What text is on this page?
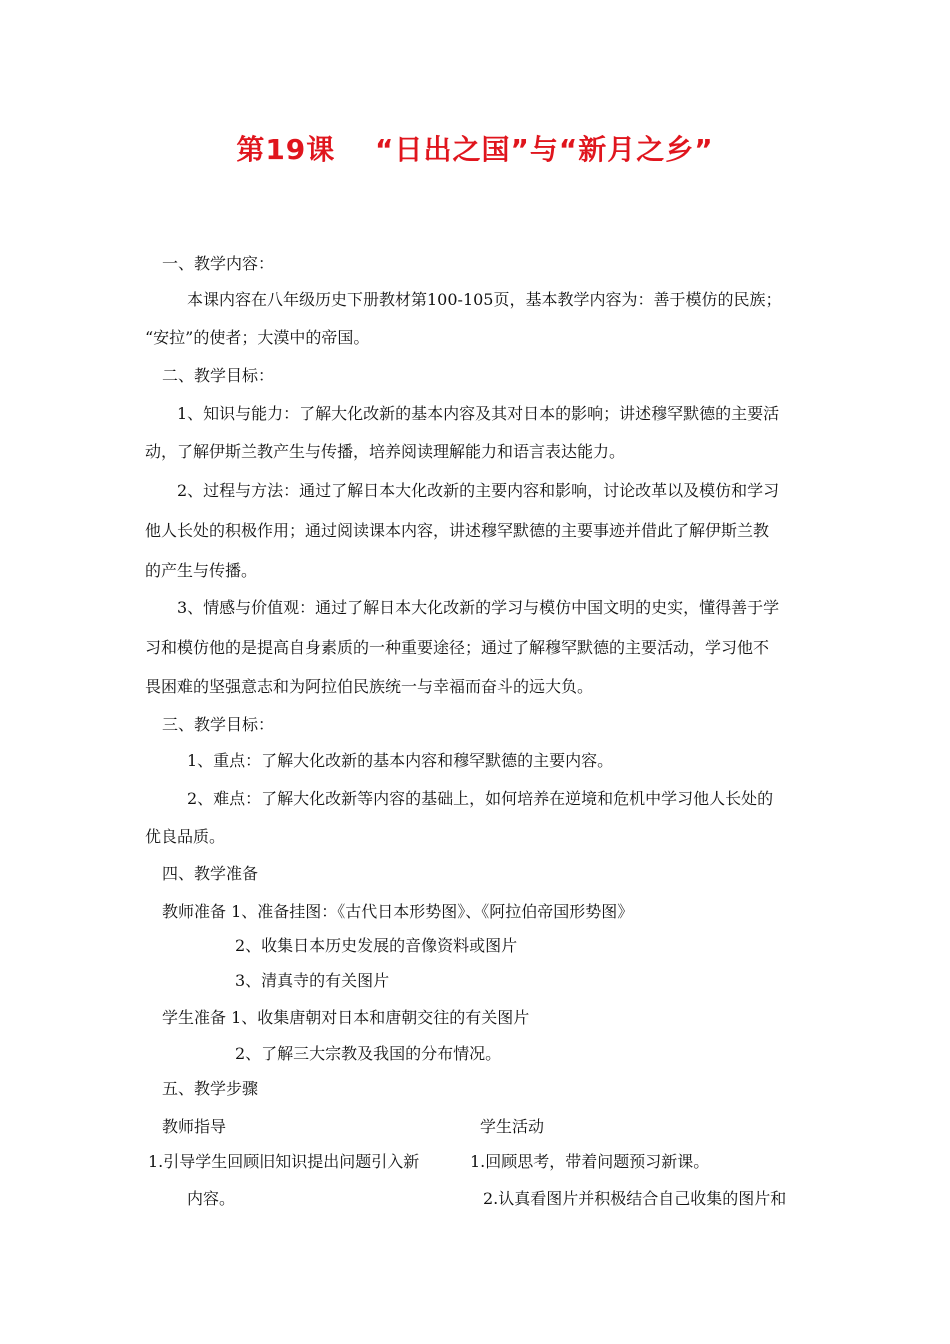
第19课　 “日出之国”与“新月之乡”
一、教学内容：
本课内容在八年级历史下册教材第100-105页，基本教学内容为：善于模仿的民族；
“安拉”的使者；大漠中的帝国。
二、教学目标：
1、知识与能力：了解大化改新的基本内容及其对日本的影响；讲述穆罕默德的主要活
动，了解伊斯兰教产生与传播，培养阅读理解能力和语言表达能力。
2、过程与方法：通过了解日本大化改新的主要内容和影响，讨论改革以及模仿和学习
他人长处的积极作用；通过阅读课本内容，讲述穆罕默德的主要事迹并借此了解伊斯兰教
的产生与传播。
3、情感与价值观：通过了解日本大化改新的学习与模仿中国文明的史实，懂得善于学
习和模仿他的是提高自身素质的一种重要途径；通过了解穆罕默德的主要活动，学习他不
畏困难的坚强意志和为阿拉伯民族统一与幸福而奋斗的远大负。
三、教学目标：
1、重点：了解大化改新的基本内容和穆罕默德的主要内容。
2、难点：了解大化改新等内容的基础上，如何培养在逆境和危机中学习他人长处的
优良品质。
四、教学准备
教师准备 1、准备挂图：《古代日本形势图》、《阿拉伯帝国形势图》
2、收集日本历史发展的音像资料或图片
3、清真寺的有关图片
学生准备 1、收集唐朝对日本和唐朝交往的有关图片
2、了解三大宗教及我国的分布情况。
五、教学步骤
教师指导	学生活动
1.引导学生回顾旧知识提出问题引入新
内容。
1.回顾思考，带着问题预习新课。
2.认真看图片并积极结合自己收集的图片和
